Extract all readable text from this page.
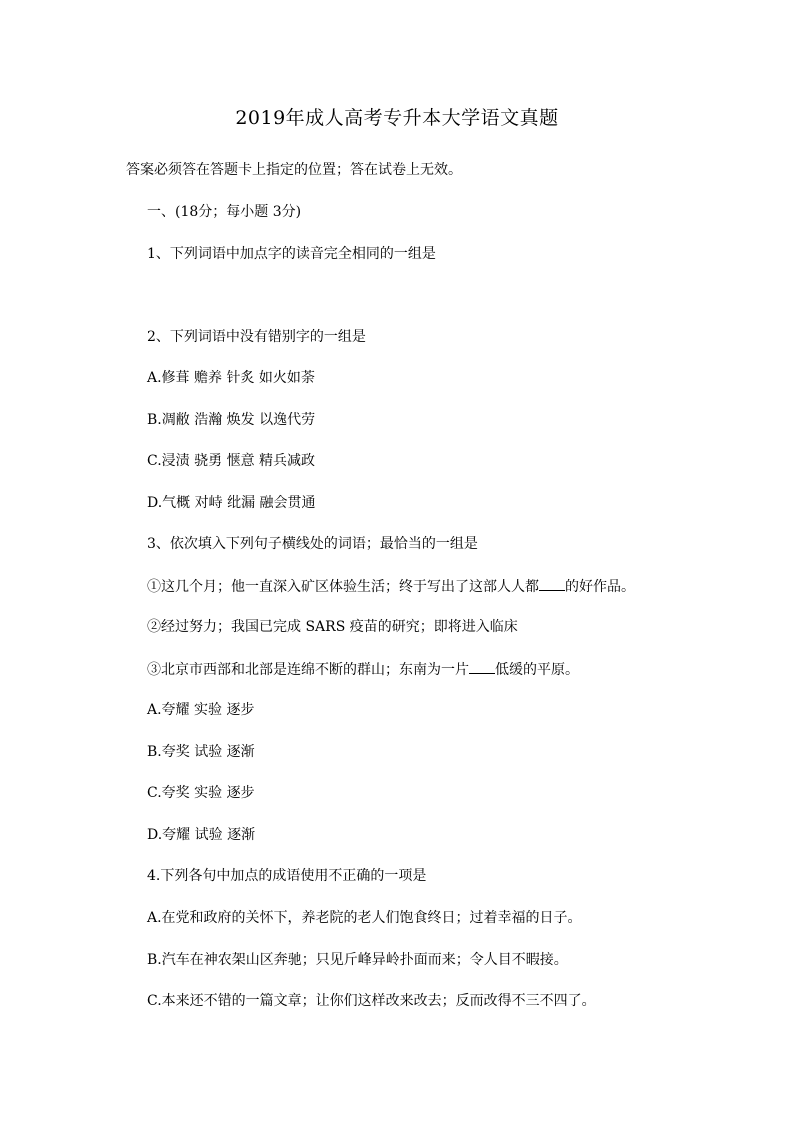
2019年成人高考专升本大学语文真题
答案必须答在答题卡上指定的位置；答在试卷上无效。
一、(18分；每小题 3分)
1、下列词语中加点字的读音完全相同的一组是
2、下列词语中没有错别字的一组是
A.修葺 赡养 针炙 如火如荼
B.凋敝 浩瀚 焕发 以逸代劳
C.浸渍 骁勇 惬意 精兵减政
D.气概 对峙 纰漏 融会贯通
3、依次填入下列句子横线处的词语；最恰当的一组是
①这几个月；他一直深入矿区体验生活；终于写出了这部人人都 的好作品。
②经过努力；我国已完成 SARS 疫苗的研究；即将进入临床
③北京市西部和北部是连绵不断的群山；东南为一片 低缓的平原。
A.夸耀 实验 逐步
B.夸奖 试验 逐渐
C.夸奖 实验 逐步
D.夸耀 试验 逐渐
4.下列各句中加点的成语使用不正确的一项是
A.在党和政府的关怀下，养老院的老人们饱食终日；过着幸福的日子。
B.汽车在神农架山区奔驰；只见斤峰异岭扑面而来；令人目不暇接。
C.本来还不错的一篇文章；让你们这样改来改去；反而改得不三不四了。
